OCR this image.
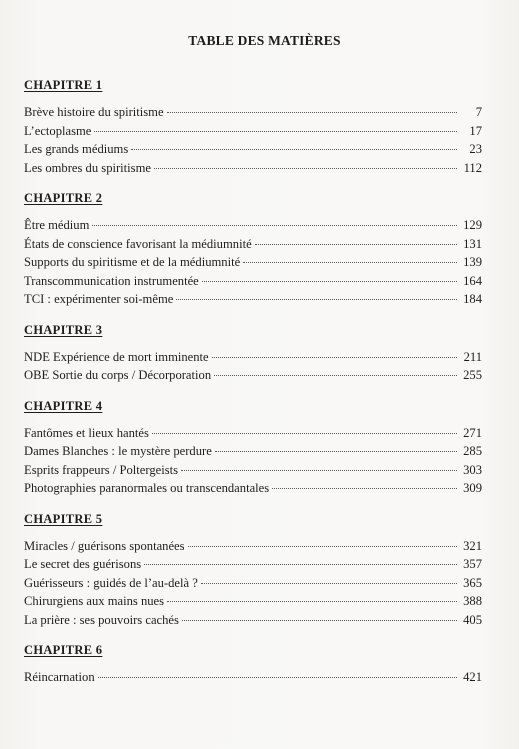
TABLE DES MATIÈRES
CHAPITRE 1
Brève histoire du spiritisme	7
L’ectoplasme	17
Les grands médiums	23
Les ombres du spiritisme	112
CHAPITRE 2
Être médium	129
États de conscience favorisant la médiumnité	131
Supports du spiritisme et de la médiumnité	139
Transcommunication instrumentée	164
TCI : expérimenter soi-même	184
CHAPITRE 3
NDE Expérience de mort imminente	211
OBE Sortie du corps / Décorporation	255
CHAPITRE 4
Fantômes et lieux hantés	271
Dames Blanches : le mystère perdure	285
Esprits frappeurs / Poltergeists	303
Photographies paranormales ou transcendantales	309
CHAPITRE 5
Miracles / guérisons spontanées	321
Le secret des guérisons	357
Guérisseurs : guidés de l’au-delà ?	365
Chirurgiens aux mains nues	388
La prière : ses pouvoirs cachés	405
CHAPITRE 6
Réincarnation	421
